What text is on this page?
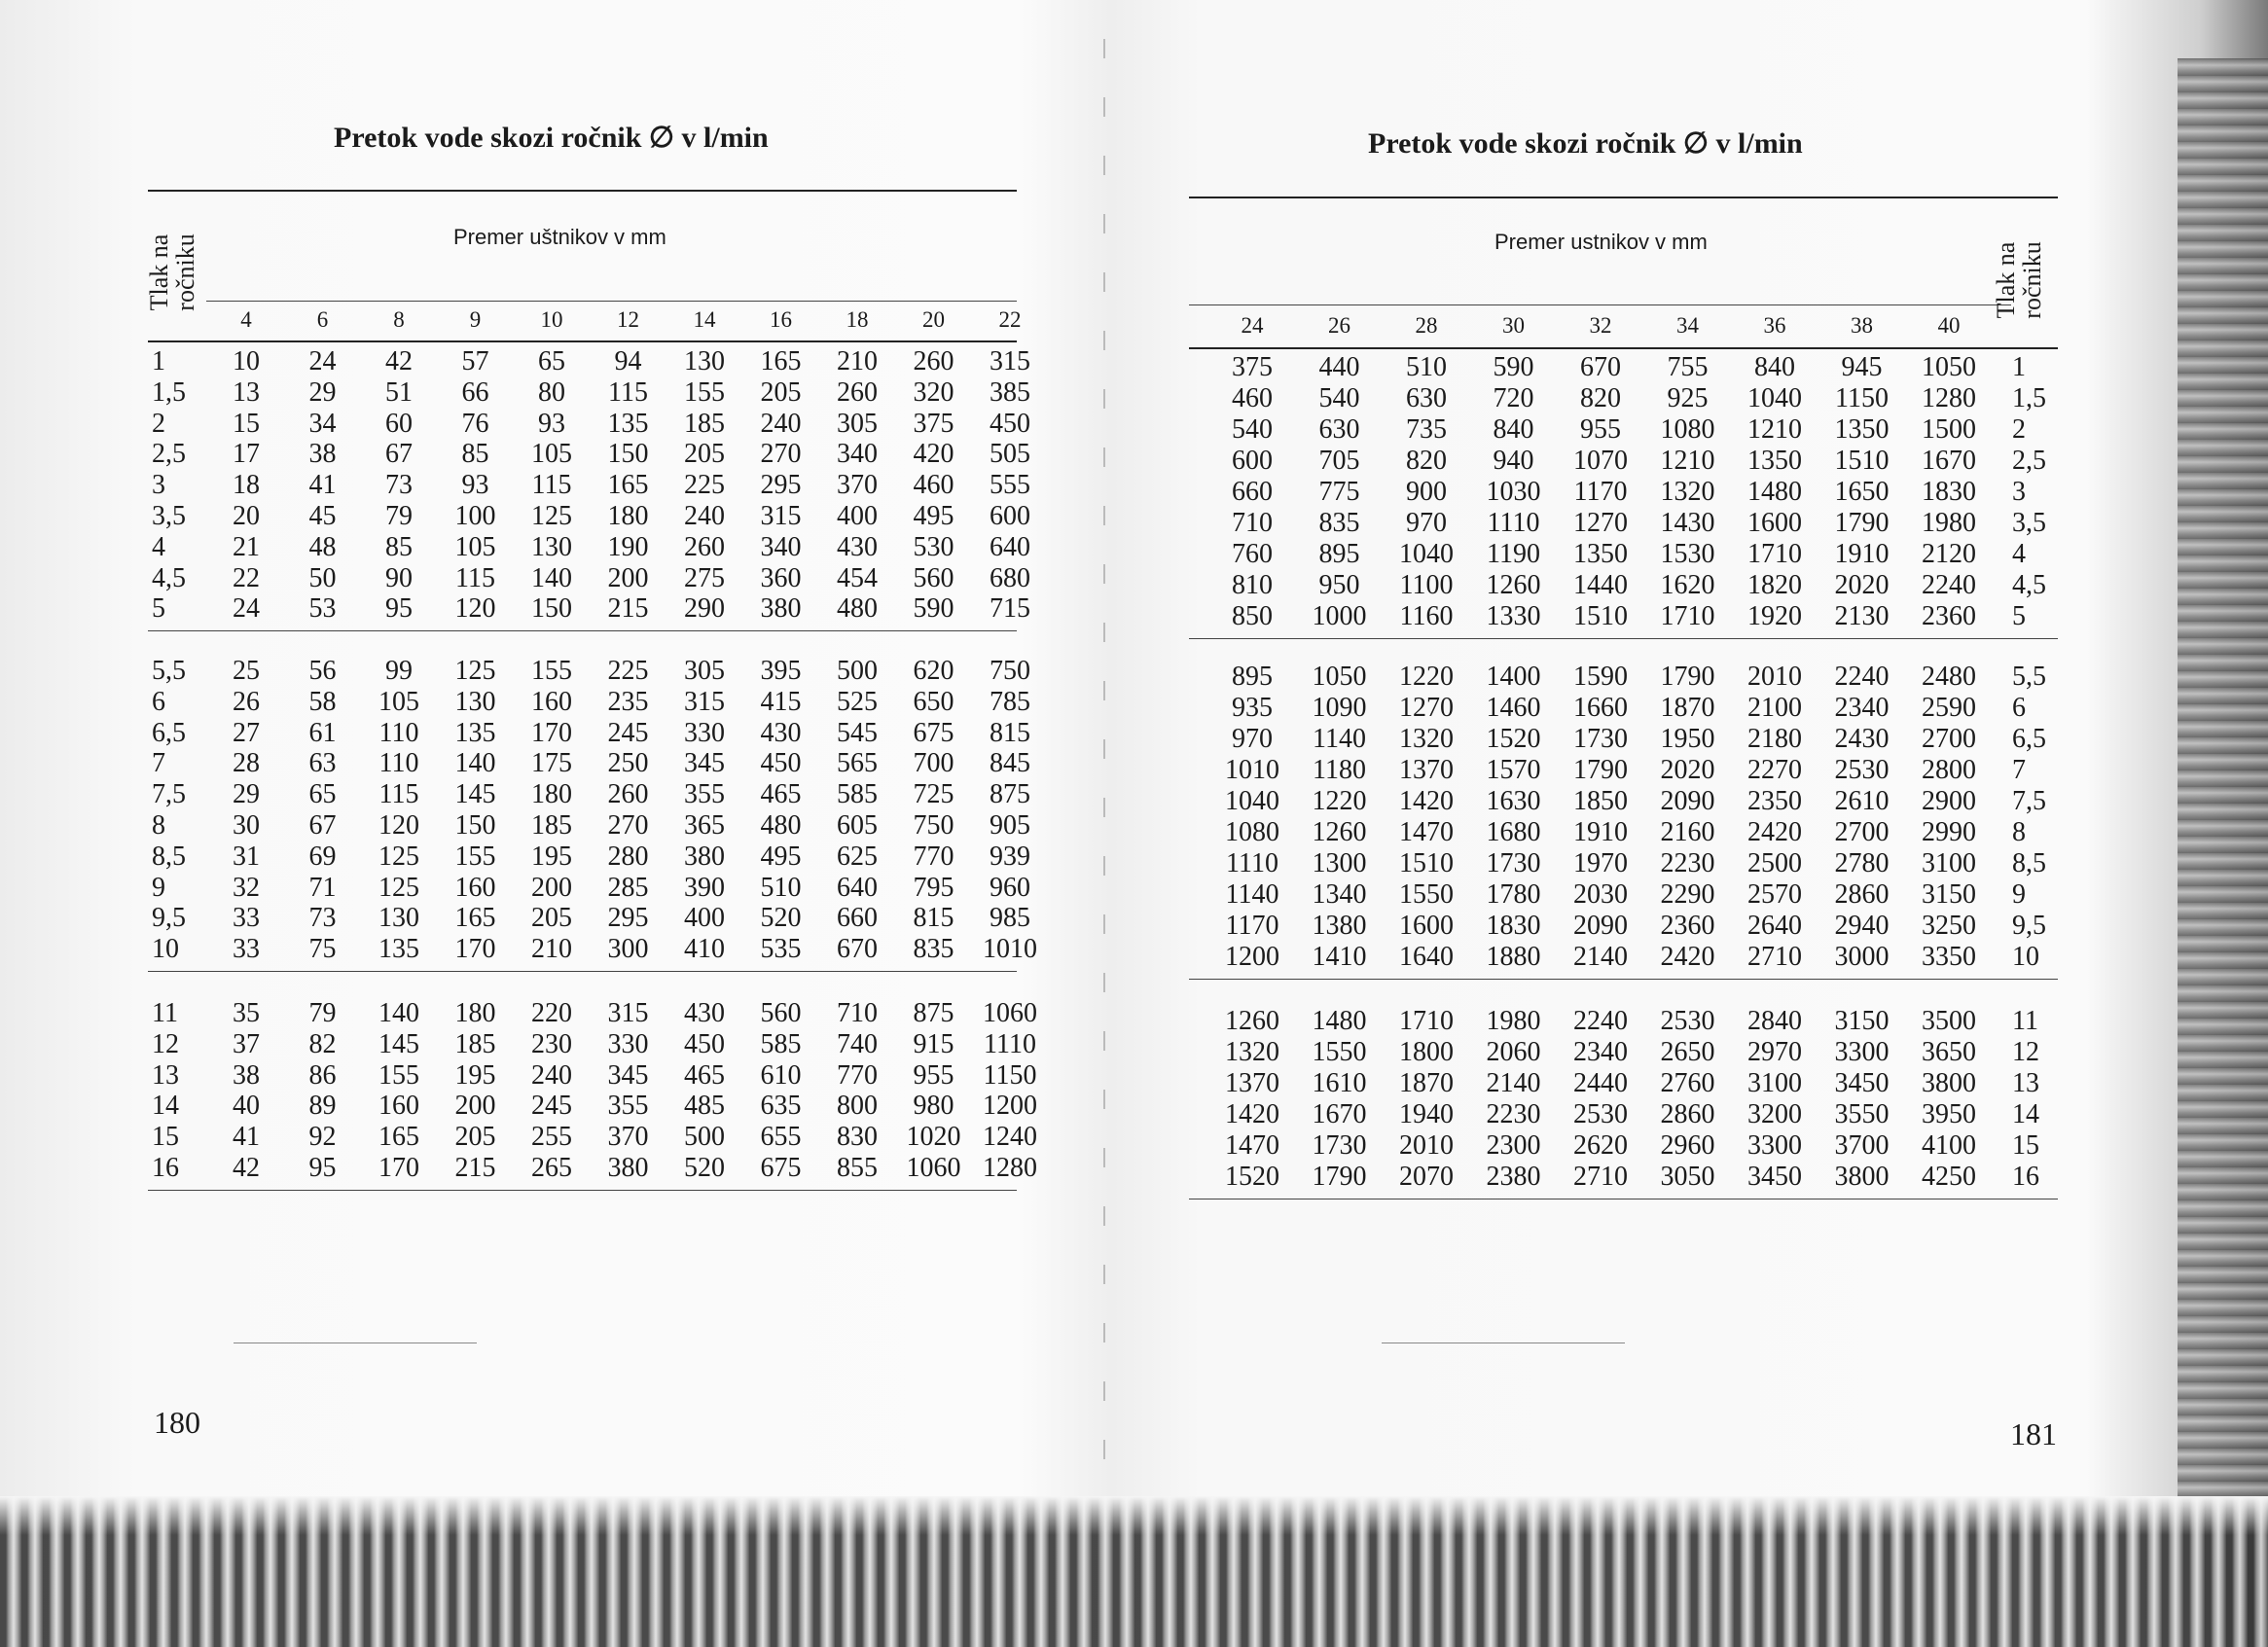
Pretok vode skozi ročnik ∅ v l/min
Premer uštnikov v mm
Tlak na ročniku
4	6	8	9	10	12	14	16	18	20	22
1	10	24	42	57	65	94	130	165	210	260	315
1,5	13	29	51	66	80	115	155	205	260	320	385
2	15	34	60	76	93	135	185	240	305	375	450
2,5	17	38	67	85	105	150	205	270	340	420	505
3	18	41	73	93	115	165	225	295	370	460	555
3,5	20	45	79	100	125	180	240	315	400	495	600
4	21	48	85	105	130	190	260	340	430	530	640
4,5	22	50	90	115	140	200	275	360	454	560	680
5	24	53	95	120	150	215	290	380	480	590	715
5,5	25	56	99	125	155	225	305	395	500	620	750
6	26	58	105	130	160	235	315	415	525	650	785
6,5	27	61	110	135	170	245	330	430	545	675	815
7	28	63	110	140	175	250	345	450	565	700	845
7,5	29	65	115	145	180	260	355	465	585	725	875
8	30	67	120	150	185	270	365	480	605	750	905
8,5	31	69	125	155	195	280	380	495	625	770	939
9	32	71	125	160	200	285	390	510	640	795	960
9,5	33	73	130	165	205	295	400	520	660	815	985
10	33	75	135	170	210	300	410	535	670	835	1010
11	35	79	140	180	220	315	430	560	710	875	1060
12	37	82	145	185	230	330	450	585	740	915	1110
13	38	86	155	195	240	345	465	610	770	955	1150
14	40	89	160	200	245	355	485	635	800	980	1200
15	41	92	165	205	255	370	500	655	830	1020 1240
16	42	95	170	215	265	380	520	675	855	1060 1280
180
Pretok vode skozi ročnik ∅ v l/min
Premer ustnikov v mm
Tlak na ročniku
24	26	28	30	32	34	36	38	40
375	440	510	590	670	755	840	945	1050	1
460	540	630	720	820	925	1040	1150	1280	1,5
540	630	735	840	955	1080	1210	1350	1500	2
600	705	820	940	1070	1210	1350	1510	1670	2,5
660	775	900	1030	1170	1320	1480	1650	1830	3
710	835	970	1110	1270	1430	1600	1790	1980	3,5
760	895	1040	1190	1350	1530	1710	1910	2120	4
810	950	1100	1260	1440	1620	1820	2020	2240	4,5
850	1000	1160	1330	1510	1710	1920	2130	2360	5
895	1050	1220	1400	1590	1790	2010	2240	2480	5,5
935	1090	1270	1460	1660	1870	2100	2340	2590	6
970	1140	1320	1520	1730	1950	2180	2430	2700	6,5
1010	1180	1370	1570	1790	2020	2270	2530	2800	7
1040	1220	1420	1630	1850	2090	2350	2610	2900	7,5
1080	1260	1470	1680	1910	2160	2420	2700	2990	8
1110	1300	1510	1730	1970	2230	2500	2780	3100	8,5
1140	1340	1550	1780	2030	2290	2570	2860	3150	9
1170	1380	1600	1830	2090	2360	2640	2940	3250	9,5
1200	1410	1640	1880	2140	2420	2710	3000	3350	10
1260	1480	1710	1980	2240	2530	2840	3150	3500	11
1320	1550	1800	2060	2340	2650	2970	3300	3650	12
1370	1610	1870	2140	2440	2760	3100	3450	3800	13
1420	1670	1940	2230	2530	2860	3200	3550	3950	14
1470	1730	2010	2300	2620	2960	3300	3700	4100	15
1520	1790	2070	2380	2710	3050	3450	3800	4250	16
181
